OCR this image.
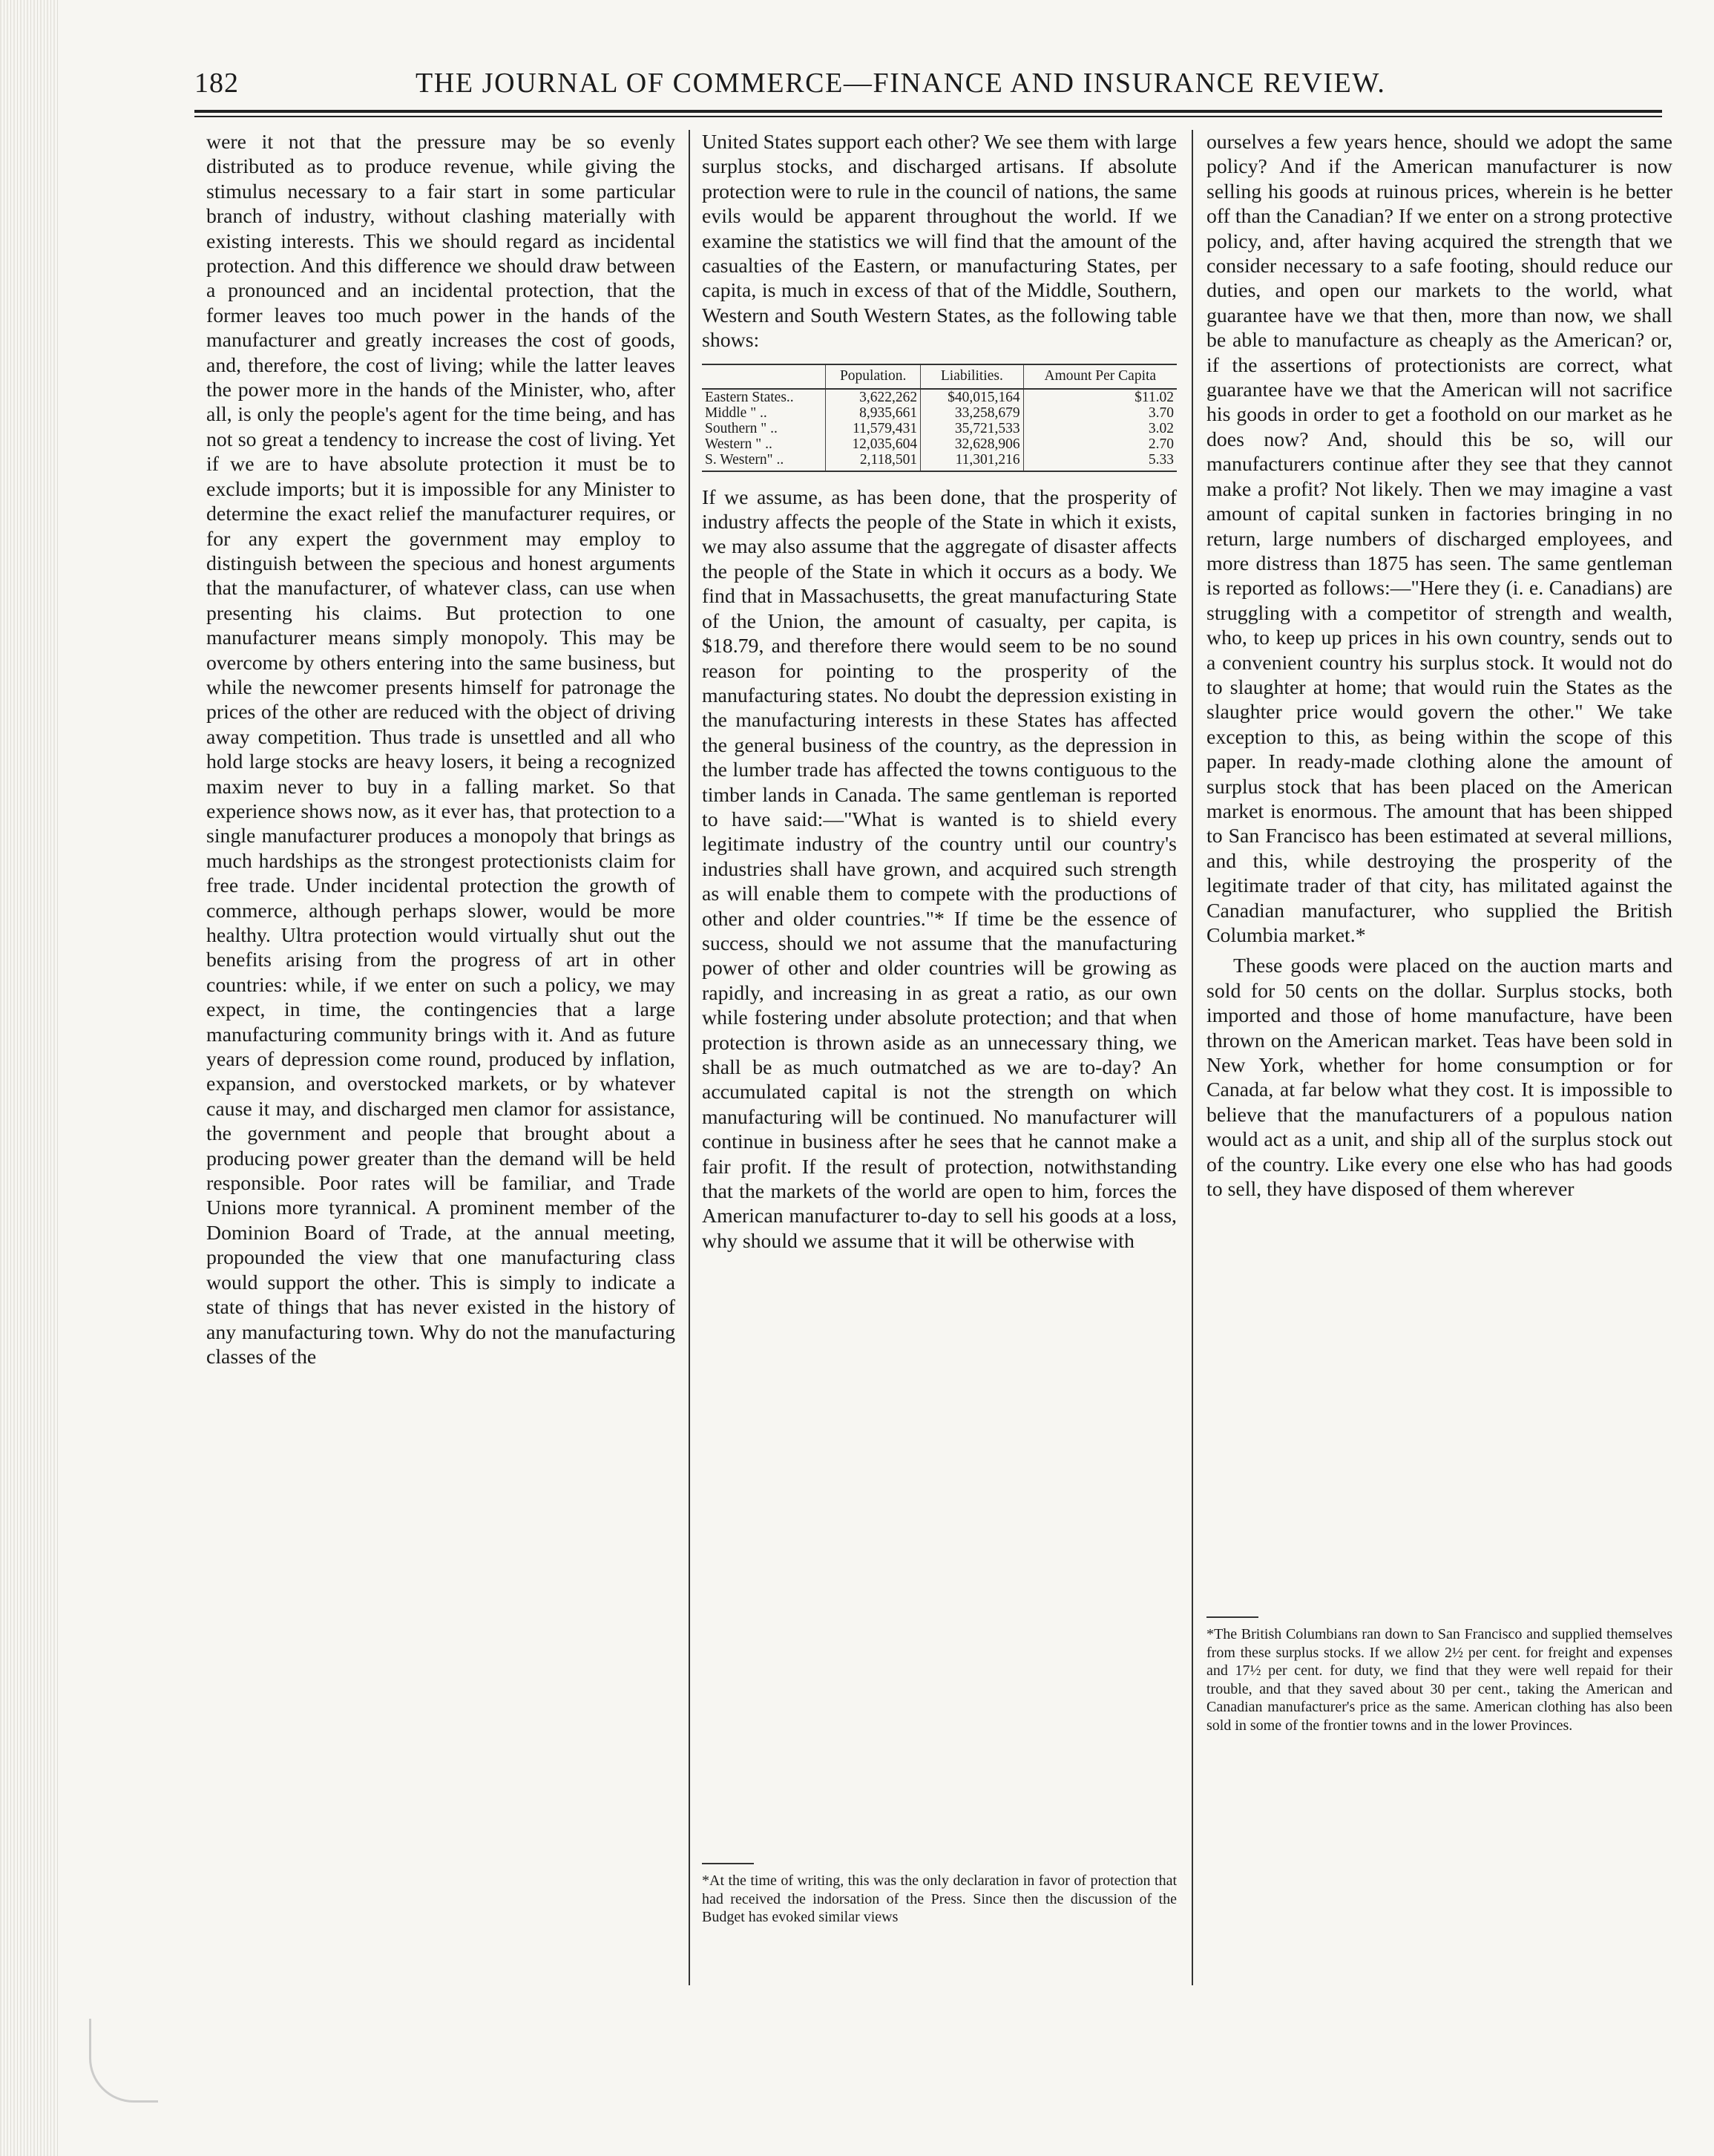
182	THE JOURNAL OF COMMERCE—FINANCE AND INSURANCE REVIEW.

were it not that the pressure may be so evenly distributed as to produce revenue, while giving the stimulus necessary to a fair start in some particular branch of industry, without clashing materially with existing interests. This we should regard as incidental protection. And this difference we should draw between a pronounced and an incidental protection, that the former leaves too much power in the hands of the manufacturer and greatly increases the cost of goods, and, therefore, the cost of living; while the latter leaves the power more in the hands of the Minister, who, after all, is only the people's agent for the time being, and has not so great a tendency to increase the cost of living. Yet if we are to have absolute protection it must be to exclude imports; but it is impossible for any Minister to determine the exact relief the manufacturer requires, or for any expert the government may employ to distinguish between the specious and honest arguments that the manufacturer, of whatever class, can use when presenting his claims. But protection to one manufacturer means simply monopoly. This may be overcome by others entering into the same business, but while the newcomer presents himself for patronage the prices of the other are reduced with the object of driving away competition. Thus trade is unsettled and all who hold large stocks are heavy losers, it being a recognized maxim never to buy in a falling market. So that experience shows now, as it ever has, that protection to a single manufacturer produces a monopoly that brings as much hardships as the strongest protectionists claim for free trade. Under incidental protection the growth of commerce, although perhaps slower, would be more healthy. Ultra protection would virtually shut out the benefits arising from the progress of art in other countries: while, if we enter on such a policy, we may expect, in time, the contingencies that a large manufacturing community brings with it. And as future years of depression come round, produced by inflation, expansion, and overstocked markets, or by whatever cause it may, and discharged men clamor for assistance, the government and people that brought about a producing power greater than the demand will be held responsible. Poor rates will be familiar, and Trade Unions more tyrannical. A prominent member of the Dominion Board of Trade, at the annual meeting, propounded the view that one manufacturing class would support the other. This is simply to indicate a state of things that has never existed in the history of any manufacturing town. Why do not the manufacturing classes of the

United States support each other? We see them with large surplus stocks, and discharged artisans. If absolute protection were to rule in the council of nations, the same evils would be apparent throughout the world. If we examine the statistics we will find that the amount of the casualties of the Eastern, or manufacturing States, per capita, is much in excess of that of the Middle, Southern, Western and South Western States, as the following table shows:

	Population.	Liabilities.	Amount Per Capita
Eastern States..	3,622,262	$40,015,164	$11.02
Middle " ..	8,935,661	33,258,679	3.70
Southern " ..	11,579,431	35,721,533	3.02
Western " ..	12,035,604	32,628,906	2.70
S. Western" ..	2,118,501	11,301,216	5.33

If we assume, as has been done, that the prosperity of industry affects the people of the State in which it exists, we may also assume that the aggregate of disaster affects the people of the State in which it occurs as a body. We find that in Massachusetts, the great manufacturing State of the Union, the amount of casualty, per capita, is $18.79, and therefore there would seem to be no sound reason for pointing to the prosperity of the manufacturing states. No doubt the depression existing in the manufacturing interests in these States has affected the general business of the country, as the depression in the lumber trade has affected the towns contiguous to the timber lands in Canada. The same gentleman is reported to have said:—"What is wanted is to shield every legitimate industry of the country until our country's industries shall have grown, and acquired such strength as will enable them to compete with the productions of other and older countries."* If time be the essence of success, should we not assume that the manufacturing power of other and older countries will be growing as rapidly, and increasing in as great a ratio, as our own while fostering under absolute protection; and that when protection is thrown aside as an unnecessary thing, we shall be as much outmatched as we are to-day? An accumulated capital is not the strength on which manufacturing will be continued. No manufacturer will continue in business after he sees that he cannot make a fair profit. If the result of protection, notwithstanding that the markets of the world are open to him, forces the American manufacturer to-day to sell his goods at a loss, why should we assume that it will be otherwise with

*At the time of writing, this was the only declaration in favor of protection that had received the indorsation of the Press. Since then the discussion of the Budget has evoked similar views

ourselves a few years hence, should we adopt the same policy? And if the American manufacturer is now selling his goods at ruinous prices, wherein is he better off than the Canadian? If we enter on a strong protective policy, and, after having acquired the strength that we consider necessary to a safe footing, should reduce our duties, and open our markets to the world, what guarantee have we that then, more than now, we shall be able to manufacture as cheaply as the American? or, if the assertions of protectionists are correct, what guarantee have we that the American will not sacrifice his goods in order to get a foothold on our market as he does now? And, should this be so, will our manufacturers continue after they see that they cannot make a profit? Not likely. Then we may imagine a vast amount of capital sunken in factories bringing in no return, large numbers of discharged employees, and more distress than 1875 has seen. The same gentleman is reported as follows:—"Here they (i. e. Canadians) are struggling with a competitor of strength and wealth, who, to keep up prices in his own country, sends out to a convenient country his surplus stock. It would not do to slaughter at home; that would ruin the States as the slaughter price would govern the other." We take exception to this, as being within the scope of this paper. In ready-made clothing alone the amount of surplus stock that has been placed on the American market is enormous. The amount that has been shipped to San Francisco has been estimated at several millions, and this, while destroying the prosperity of the legitimate trader of that city, has militated against the Canadian manufacturer, who supplied the British Columbia market.*

These goods were placed on the auction marts and sold for 50 cents on the dollar. Surplus stocks, both imported and those of home manufacture, have been thrown on the American market. Teas have been sold in New York, whether for home consumption or for Canada, at far below what they cost. It is impossible to believe that the manufacturers of a populous nation would act as a unit, and ship all of the surplus stock out of the country. Like every one else who has had goods to sell, they have disposed of them wherever

*The British Columbians ran down to San Francisco and supplied themselves from these surplus stocks. If we allow 2½ per cent. for freight and expenses and 17½ per cent. for duty, we find that they were well repaid for their trouble, and that they saved about 30 per cent., taking the American and Canadian manufacturer's price as the same. American clothing has also been sold in some of the frontier towns and in the lower Provinces.
